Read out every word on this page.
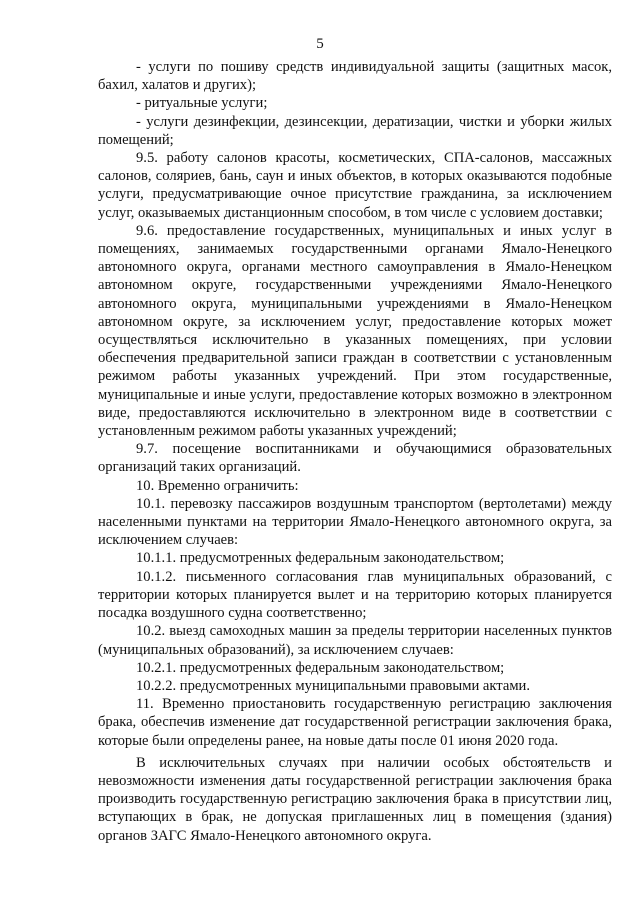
5

- услуги по пошиву средств индивидуальной защиты (защитных масок, бахил, халатов и других);

- ритуальные услуги;

- услуги дезинфекции, дезинсекции, дератизации, чистки и уборки жилых помещений;

9.5. работу салонов красоты, косметических, СПА-салонов, массажных салонов, соляриев, бань, саун и иных объектов, в которых оказываются подобные услуги, предусматривающие очное присутствие гражданина, за исключением услуг, оказываемых дистанционным способом, в том числе с условием доставки;

9.6. предоставление государственных, муниципальных и иных услуг в помещениях, занимаемых государственными органами Ямало-Ненецкого автономного округа, органами местного самоуправления в Ямало-Ненецком автономном округе, государственными учреждениями Ямало-Ненецкого автономного округа, муниципальными учреждениями в Ямало-Ненецком автономном округе, за исключением услуг, предоставление которых может осуществляться исключительно в указанных помещениях, при условии обеспечения предварительной записи граждан в соответствии с установленным режимом работы указанных учреждений. При этом государственные, муниципальные и иные услуги, предоставление которых возможно в электронном виде, предоставляются исключительно в электронном виде в соответствии с установленным режимом работы указанных учреждений;

9.7. посещение воспитанниками и обучающимися образовательных организаций таких организаций.

10. Временно ограничить:

10.1. перевозку пассажиров воздушным транспортом (вертолетами) между населенными пунктами на территории Ямало-Ненецкого автономного округа, за исключением случаев:

10.1.1. предусмотренных федеральным законодательством;

10.1.2. письменного согласования глав муниципальных образований, с территории которых планируется вылет и на территорию которых планируется посадка воздушного судна соответственно;

10.2. выезд самоходных машин за пределы территории населенных пунктов (муниципальных образований), за исключением случаев:

10.2.1. предусмотренных федеральным законодательством;

10.2.2. предусмотренных муниципальными правовыми актами.

11. Временно приостановить государственную регистрацию заключения брака, обеспечив изменение дат государственной регистрации заключения брака, которые были определены ранее, на новые даты после 01 июня 2020 года.

В исключительных случаях при наличии особых обстоятельств и невозможности изменения даты государственной регистрации заключения брака производить государственную регистрацию заключения брака в присутствии лиц, вступающих в брак, не допуская приглашенных лиц в помещения (здания) органов ЗАГС Ямало-Ненецкого автономного округа.
